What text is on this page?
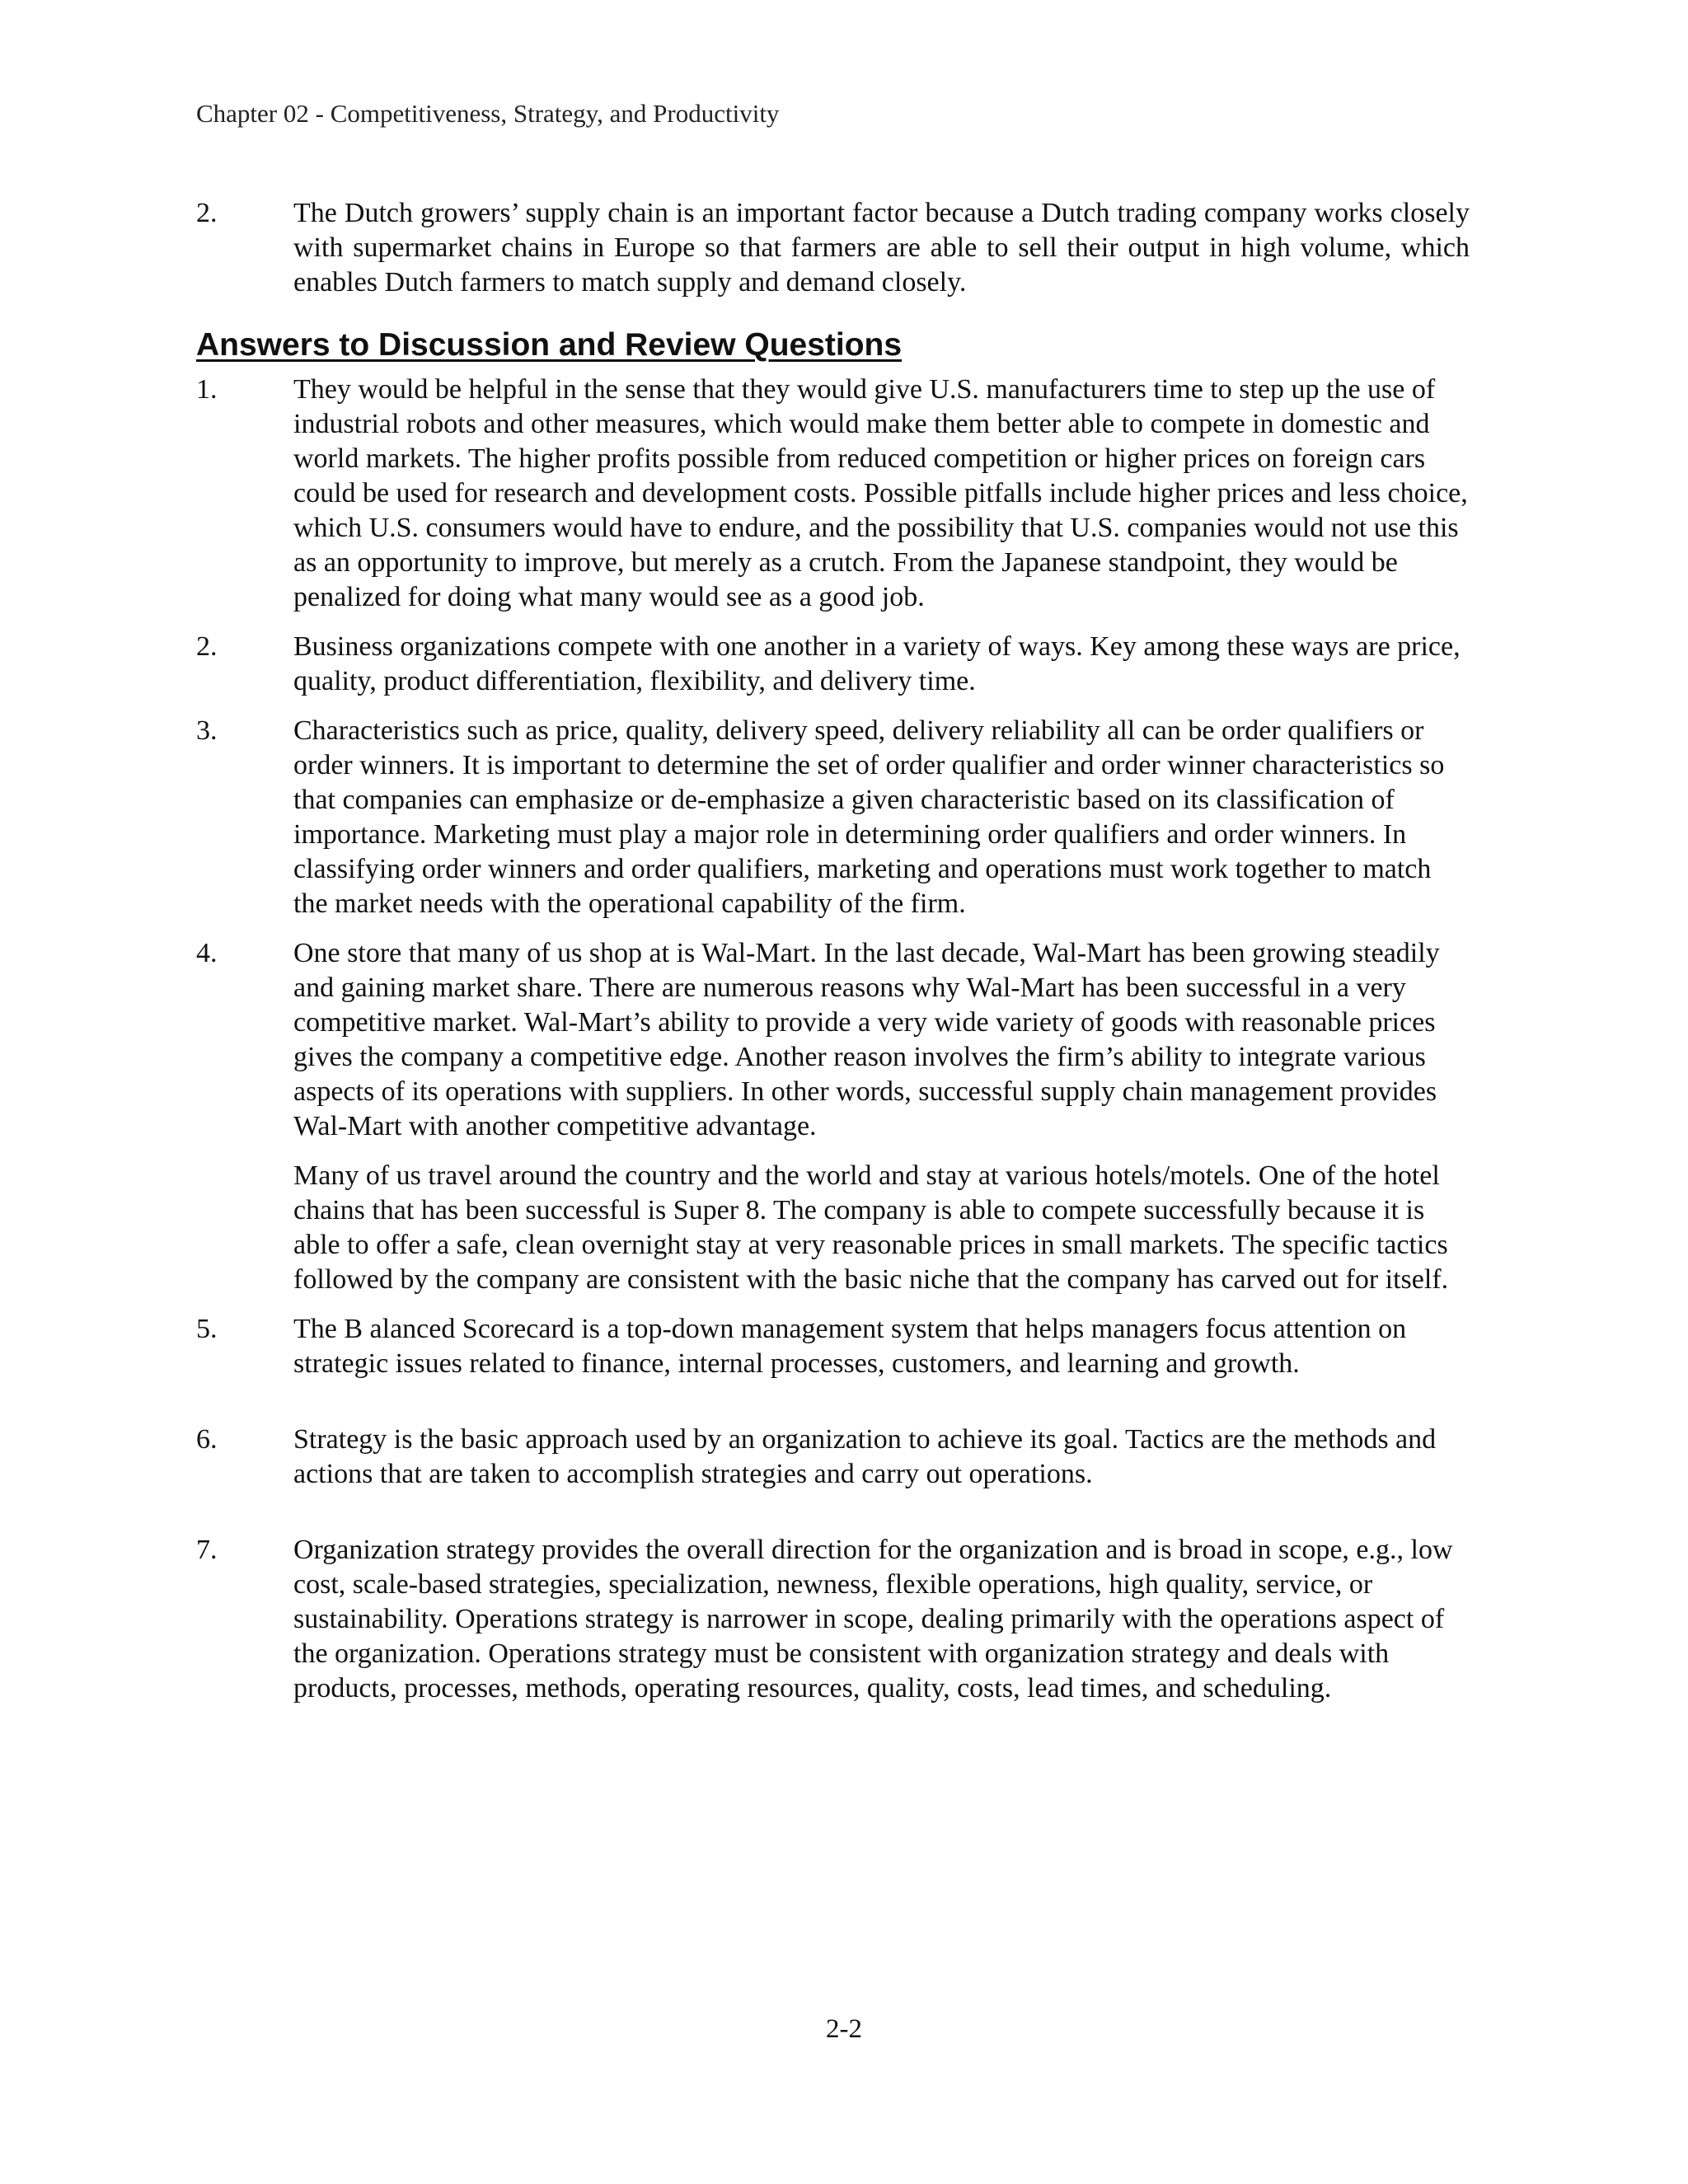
Chapter 02 - Competitiveness, Strategy, and Productivity
2.	The Dutch growers’ supply chain is an important factor because a Dutch trading company works closely with supermarket chains in Europe so that farmers are able to sell their output in high volume, which enables Dutch farmers to match supply and demand closely.

Answers to Discussion and Review Questions
1.	They would be helpful in the sense that they would give U.S. manufacturers time to step up the use of industrial robots and other measures, which would make them better able to compete in domestic and world markets. The higher profits possible from reduced competition or higher prices on foreign cars could be used for research and development costs. Possible pitfalls include higher prices and less choice, which U.S. consumers would have to endure, and the possibility that U.S. companies would not use this as an opportunity to improve, but merely as a crutch. From the Japanese standpoint, they would be penalized for doing what many would see as a good job.

2.	Business organizations compete with one another in a variety of ways. Key among these ways are price, quality, product differentiation, flexibility, and delivery time.

3.	Characteristics such as price, quality, delivery speed, delivery reliability all can be order qualifiers or order winners. It is important to determine the set of order qualifier and order winner characteristics so that companies can emphasize or de-emphasize a given characteristic based on its classification of importance. Marketing must play a major role in determining order qualifiers and order winners. In classifying order winners and order qualifiers, marketing and operations must work together to match the market needs with the operational capability of the firm.

4.	One store that many of us shop at is Wal-Mart. In the last decade, Wal-Mart has been growing steadily and gaining market share. There are numerous reasons why Wal-Mart has been successful in a very competitive market. Wal-Mart’s ability to provide a very wide variety of goods with reasonable prices gives the company a competitive edge. Another reason involves the firm’s ability to integrate various aspects of its operations with suppliers. In other words, successful supply chain management provides Wal-Mart with another competitive advantage.

Many of us travel around the country and the world and stay at various hotels/motels. One of the hotel chains that has been successful is Super 8. The company is able to compete successfully because it is able to offer a safe, clean overnight stay at very reasonable prices in small markets. The specific tactics followed by the company are consistent with the basic niche that the company has carved out for itself.

5.	The B alanced Scorecard is a top-down management system that helps managers focus attention on strategic issues related to finance, internal processes, customers, and learning and growth.

6.	Strategy is the basic approach used by an organization to achieve its goal. Tactics are the methods and actions that are taken to accomplish strategies and carry out operations.

7.	Organization strategy provides the overall direction for the organization and is broad in scope, e.g., low cost, scale-based strategies, specialization, newness, flexible operations, high quality, service, or sustainability. Operations strategy is narrower in scope, dealing primarily with the operations aspect of the organization. Operations strategy must be consistent with organization strategy and deals with products, processes, methods, operating resources, quality, costs, lead times, and scheduling.

2-2
